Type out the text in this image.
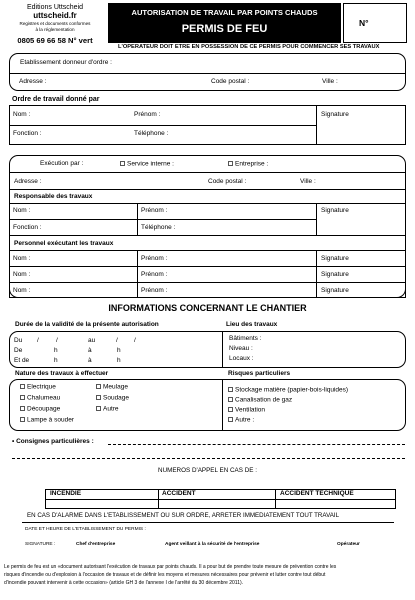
Editions Uttscheid
uttscheid.fr
Registres et documents conformes
à la réglementation
0805 69 66 58 N° vert
AUTORISATION DE TRAVAIL PAR POINTS CHAUDS
PERMIS DE FEU	N°
L'OPERATEUR DOIT ETRE EN POSSESSION DE CE PERMIS POUR COMMENCER SES TRAVAUX
Etablissement donneur d'ordre :
Adresse :	Code postal :	Ville :
Ordre de travail donné par
Nom :	Prénom :	Signature
Fonction :	Téléphone :
Exécution par :	Service interne :	Entreprise :
Adresse :	Code postal :	Ville :
Responsable des travaux
Nom :	Prénom :	Signature
Fonction :	Téléphone :
Personnel exécutant les travaux
Nom :	Prénom :	Signature
Nom :	Prénom :	Signature
Nom :	Prénom :	Signature
INFORMATIONS CONCERNANT LE CHANTIER
Durée de la validité de la présente autorisation	Lieu des travaux
Du /	/	au	/ /
De	h	à	h
Et de	h	à	h
Bâtiments :
Niveau :
Locaux :
Nature des travaux à effectuer	Risques particuliers
Electrique
Chalumeau
Découpage
Lampe à souder
Meulage
Soudage
Autre
Stockage matière (papier-bois-liquides)
Canalisation de gaz
Ventilation
Autre :
• Consignes particulières :
NUMEROS D'APPEL EN CAS DE :
INCENDIE	ACCIDENT	ACCIDENT TECHNIQUE
EN CAS D'ALARME DANS L'ETABLISSEMENT OU SUR ORDRE, ARRETER IMMEDIATEMENT TOUT TRAVAIL
DATE ET HEURE DE L'ETABLISSEMENT DU PERMIS :
SIGNATURE :	Chef d'entreprise	Agent veillant à la sécurité de l'entreprise	Opérateur
Le permis de feu est un «document autorisant l'exécution de travaux par points chauds. Il a pour but de prendre toute mesure de prévention contre les
risques d'incendie ou d'explosion à l'occasion de travaux et de définir les moyens et mesures nécessaires pour prévenir et lutter contre tout début
d'incendie pouvant intervenir à cette occasion» (article GH 3 de l'annexe I de l'arrêté du 30 décembre 2011).
